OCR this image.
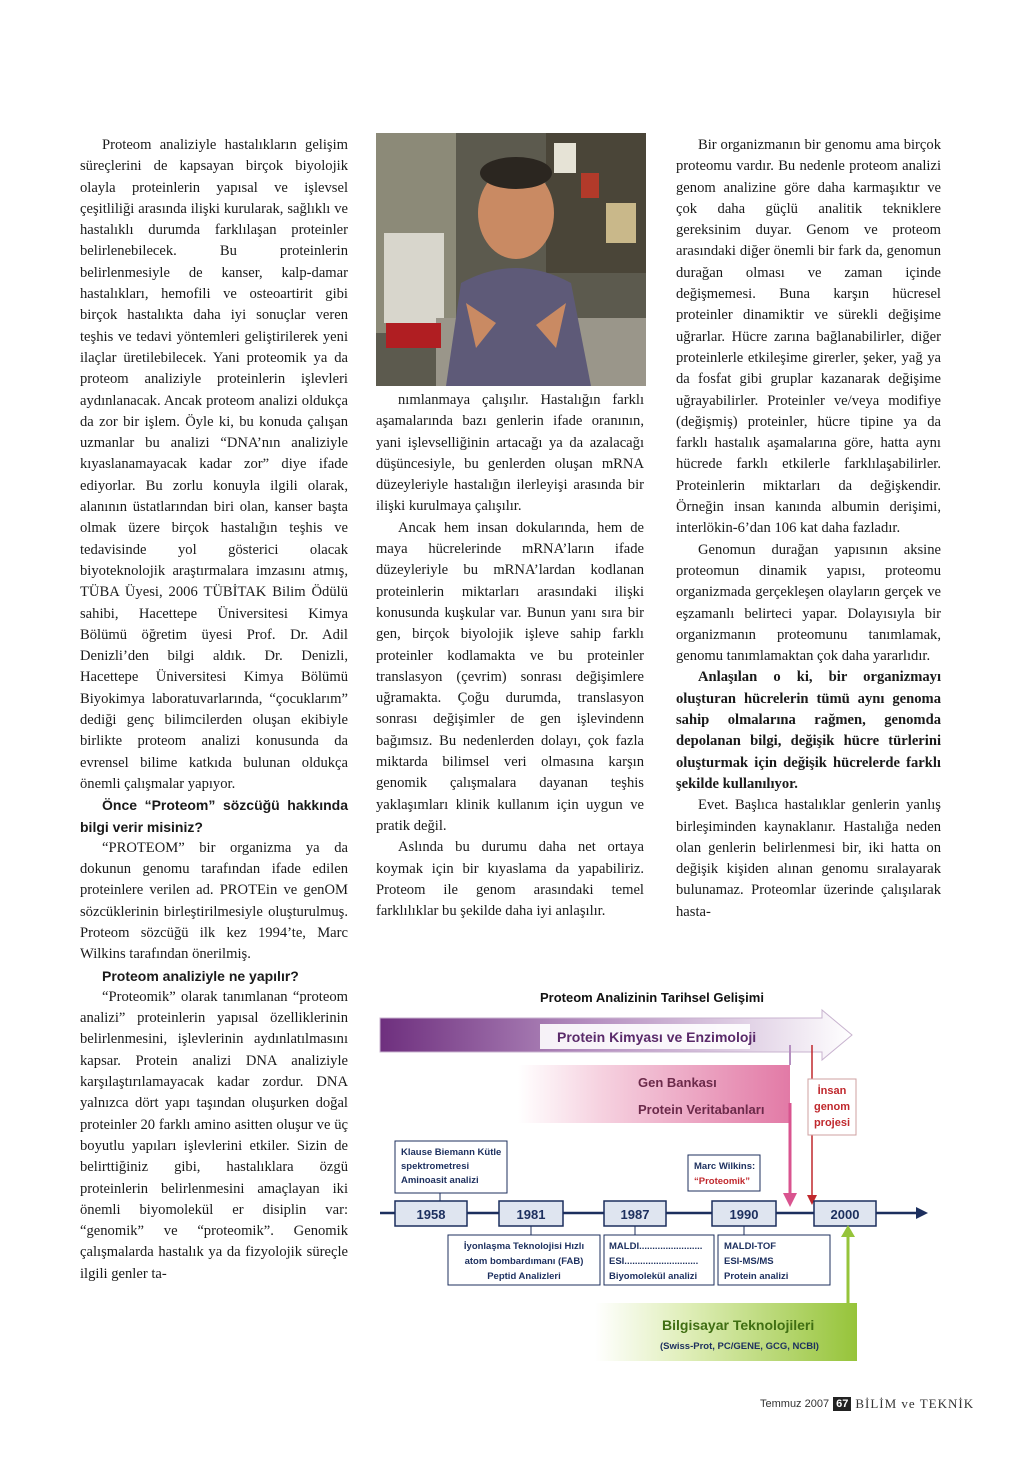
Proteom analiziyle hastalıkların gelişim süreçlerini de kapsayan birçok biyolojik olayla proteinlerin yapısal ve işlevsel çeşitliliği arasında ilişki kurularak, sağlıklı ve hastalıklı durumda farklılaşan proteinler belirlenebilecek. Bu proteinlerin belirlenmesiyle de kanser, kalp-damar hastalıkları, hemofili ve osteoartirit gibi birçok hastalıkta daha iyi sonuçlar veren teşhis ve tedavi yöntemleri geliştirilerek yeni ilaçlar üretilebilecek. Yani proteomik ya da proteom analiziyle proteinlerin işlevleri aydınlanacak. Ancak proteom analizi oldukça da zor bir işlem. Öyle ki, bu konuda çalışan uzmanlar bu analizi “DNA’nın analiziyle kıyaslanamayacak kadar zor” diye ifade ediyorlar. Bu zorlu konuyla ilgili olarak, alanının üstatlarından biri olan, kanser başta olmak üzere birçok hastalığın teşhis ve tedavisinde yol gösterici olacak biyoteknolojik araştırmalara imzasını atmış, TÜBA Üyesi, 2006 TÜBİTAK Bilim Ödülü sahibi, Hacettepe Üniversitesi Kimya Bölümü öğretim üyesi Prof. Dr. Adil Denizli’den bilgi aldık. Dr. Denizli, Hacettepe Üniversitesi Kimya Bölümü Biyokimya laboratuvarlarında, “çocuklarım” dediği genç bilimcilerden oluşan ekibiyle birlikte proteom analizi konusunda da evrensel bilime katkıda bulunan oldukça önemli çalışmalar yapıyor.

Önce “Proteom” sözcüğü hakkında bilgi verir misiniz?

“PROTEOM” bir organizma ya da dokunun genomu tarafından ifade edilen proteinlere verilen ad. PROTEin ve genOM sözcüklerinin birleştirilmesiyle oluşturulmuş. Proteom sözcüğü ilk kez 1994’te, Marc Wilkins tarafından önerilmiş.

Proteom analiziyle ne yapılır?

“Proteomik” olarak tanımlanan “proteom analizi” proteinlerin yapısal özelliklerinin belirlenmesini, işlevlerinin aydınlatılmasını kapsar. Protein analizi DNA analiziyle karşılaştırılamayacak kadar zordur. DNA yalnızca dört yapı taşından oluşurken doğal proteinler 20 farklı amino asitten oluşur ve üç boyutlu yapıları işlevlerini etkiler. Sizin de belirttiğiniz gibi, hastalıklara özgü proteinlerin belirlenmesini amaçlayan iki önemli biyomolekül er disiplin var: “genomik” ve “proteomik”. Genomik çalışmalarda hastalık ya da fizyolojik süreçle ilgili genler ta-

nımlanmaya çalışılır. Hastalığın farklı aşamalarında bazı genlerin ifade oranının, yani işlevselliğinin artacağı ya da azalacağı düşüncesiyle, bu genlerden oluşan mRNA düzeyleriyle hastalığın ilerleyişi arasında bir ilişki kurulmaya çalışılır.

Ancak hem insan dokularında, hem de maya hücrelerinde mRNA’ların ifade düzeyleriyle bu mRNA’lardan kodlanan proteinlerin miktarları arasındaki ilişki konusunda kuşkular var. Bunun yanı sıra bir gen, birçok biyolojik işleve sahip farklı proteinler kodlamakta ve bu proteinler translasyon (çevrim) sonrası değişimlere uğramakta. Çoğu durumda, translasyon sonrası değişimler de gen işlevindenn bağımsız. Bu nedenlerden dolayı, çok fazla miktarda bilimsel veri olmasına karşın genomik çalışmalara dayanan teşhis yaklaşımları klinik kullanım için uygun ve pratik değil.

Aslında bu durumu daha net ortaya koymak için bir kıyaslama da yapabiliriz. Proteom ile genom arasındaki temel farklılıklar bu şekilde daha iyi anlaşılır.

Bir organizmanın bir genomu ama birçok proteomu vardır. Bu nedenle proteom analizi genom analizine göre daha karmaşıktır ve çok daha güçlü analitik tekniklere gereksinim duyar. Genom ve proteom arasındaki diğer önemli bir fark da, genomun durağan olması ve zaman içinde değişmemesi. Buna karşın hücresel proteinler dinamiktir ve sürekli değişime uğrarlar. Hücre zarına bağlanabilirler, diğer proteinlerle etkileşime girerler, şeker, yağ ya da fosfat gibi gruplar kazanarak değişime uğrayabilirler. Proteinler ve/veya modifiye (değişmiş) proteinler, hücre tipine ya da farklı hastalık aşamalarına göre, hatta aynı hücrede farklı etkilerle farklılaşabilirler. Proteinlerin miktarları da değişkendir. Örneğin insan kanında albumin derişimi, interlökin-6’dan 106 kat daha fazladır.

Genomun durağan yapısının aksine proteomun dinamik yapısı, proteomu organizmada gerçekleşen olayların gerçek ve eşzamanlı belirteci yapar. Dolayısıyla bir organizmanın proteomunu tanımlamak, genomu tanımlamaktan çok daha yararlıdır.

Anlaşılan o ki, bir organizmayı oluşturan hücrelerin tümü aynı genoma sahip olmalarına rağmen, genomda depolanan bilgi, değişik hücre türlerini oluşturmak için değişik hücrelerde farklı şekilde kullanılıyor.

Evet. Başlıca hastalıklar genlerin yanlış birleşiminden kaynaklanır. Hastalığa neden olan genlerin belirlenmesi bir, iki hatta on değişik kişiden alınan genomu sıralayarak bulunamaz. Proteomlar üzerinde çalışılarak hasta-

Proteom Analizinin Tarihsel Gelişimi
Protein Kimyası ve Enzimoloji
Gen Bankası
Protein Veritabanları
İnsan
genom
projesi
Klause Biemann Kütle
spektrometresi
Aminoasit analizi
Marc Wilkins:
“Proteomik”
1958	1981	1987	1990	2000
İyonlaşma Teknolojisi Hızlı
atom bombardımanı (FAB)
Peptid Analizleri
MALDI........................
ESI............................
Biyomolekül analizi
MALDI-TOF
ESI-MS/MS
Protein analizi
Bilgisayar Teknolojileri
(Swiss-Prot, PC/GENE, GCG, NCBI)
Temmuz 2007 67 BİLİM ve TEKNİK
